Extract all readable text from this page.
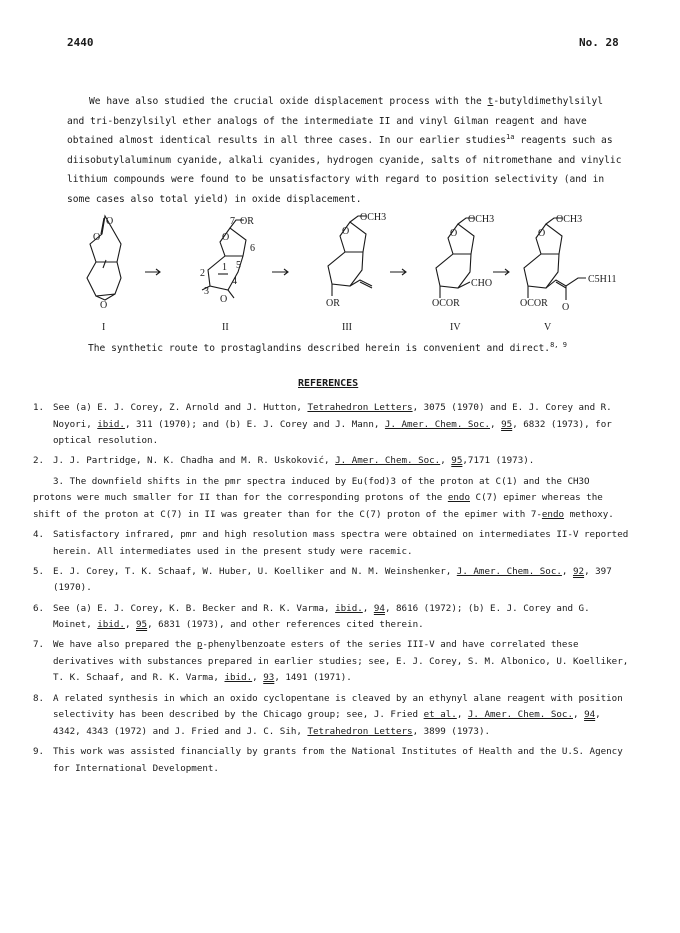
2440	No. 28

We have also studied the crucial oxide displacement process with the t-butyldimethylsilyl and tri-benzylsilyl ether analogs of the intermediate II and vinyl Gilman reagent and have obtained almost identical results in all three cases. In our earlier studies$^{1a}$ reagents such as diisobutylaluminum cyanide, alkali cyanides, hydrogen cyanide, salts of nitromethane and vinylic lithium compounds were found to be unsatisfactory with regard to position selectivity (and in some cases also total yield) in oxide displacement.

O
O
O
7 OR
O
6
2
1 5
4
3
O
OCH3
O
OR
OCH3
O
CHO
OCOR
OCH3
O
C5H11
O
OCOR
I	II	III	IV	V
The synthetic route to prostaglandins described herein is convenient and direct.$^{8, 9}$
REFERENCES
1. See (a) E. J. Corey, Z. Arnold and J. Hutton, Tetrahedron Letters, 3075 (1970) and E. J. Corey and R. Noyori, ibid., 311 (1970); and (b) E. J. Corey and J. Mann, J. Amer. Chem. Soc., 95, 6832 (1973), for optical resolution.
2. J. J. Partridge, N. K. Chadha and M. R. Uskoković, J. Amer. Chem. Soc., 95,7171 (1973).
3. The downfield shifts in the pmr spectra induced by Eu(fod)3 of the proton at C(1) and the CH3O protons were much smaller for II than for the corresponding protons of the endo C(7) epimer whereas the shift of the proton at C(7) in II was greater than for the C(7) proton of the epimer with 7-endo methoxy.
4. Satisfactory infrared, pmr and high resolution mass spectra were obtained on intermediates II-V reported herein. All intermediates used in the present study were racemic.
5. E. J. Corey, T. K. Schaaf, W. Huber, U. Koelliker and N. M. Weinshenker, J. Amer. Chem. Soc., 92, 397 (1970).
6. See (a) E. J. Corey, K. B. Becker and R. K. Varma, ibid., 94, 8616 (1972); (b) E. J. Corey and G. Moinet, ibid., 95, 6831 (1973), and other references cited therein.
7. We have also prepared the p-phenylbenzoate esters of the series III-V and have correlated these derivatives with substances prepared in earlier studies; see, E. J. Corey, S. M. Albonico, U. Koelliker, T. K. Schaaf, and R. K. Varma, ibid., 93, 1491 (1971).
8. A related synthesis in which an oxido cyclopentane is cleaved by an ethynyl alane reagent with position selectivity has been described by the Chicago group; see, J. Fried et al., J. Amer. Chem. Soc., 94, 4342, 4343 (1972) and J. Fried and J. C. Sih, Tetrahedron Letters, 3899 (1973).
9. This work was assisted financially by grants from the National Institutes of Health and the U.S. Agency for International Development.
